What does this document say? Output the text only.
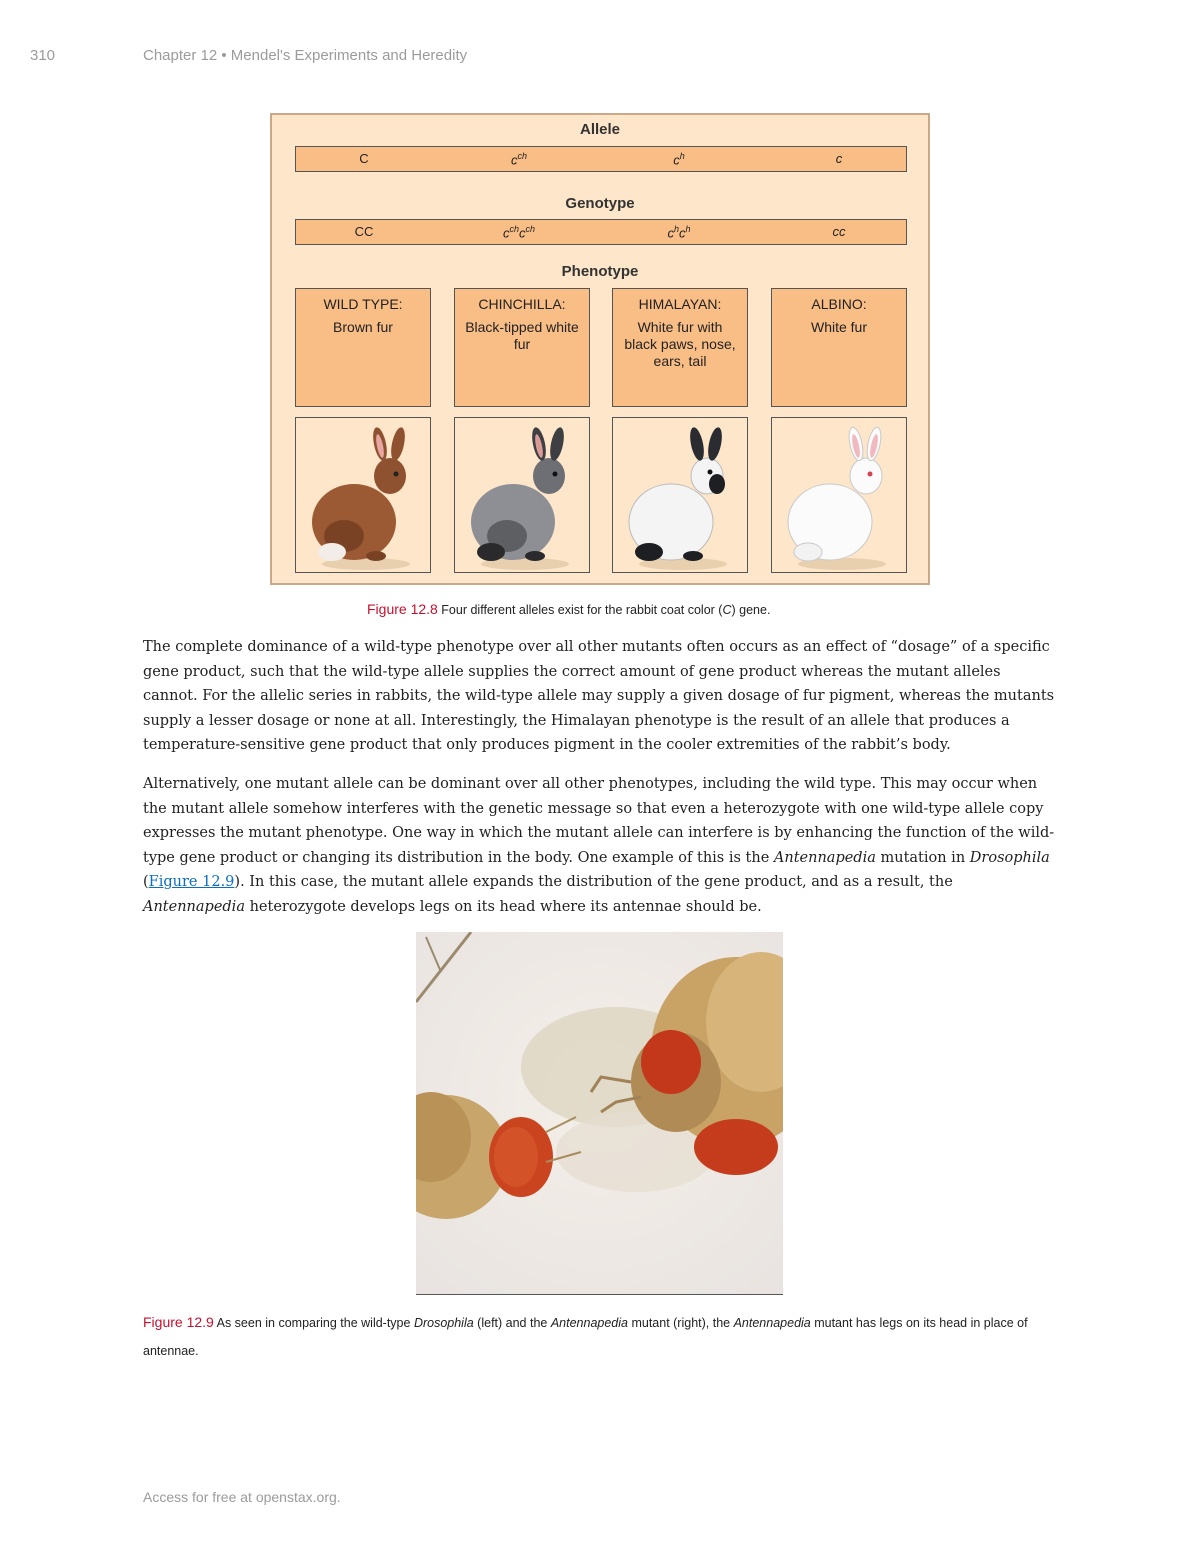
310	Chapter 12 • Mendel's Experiments and Heredity
Allele
C	$c^{ch}$	$c^h$	c
Genotype
CC	$c^{ch}c^{ch}$	$c^hc^h$	cc
Phenotype
WILD TYPE:
Brown fur
CHINCHILLA:
Black-tipped white fur
HIMALAYAN:
White fur with black paws, nose, ears, tail
ALBINO:
White fur
Figure 12.8 Four different alleles exist for the rabbit coat color (C) gene.

The complete dominance of a wild-type phenotype over all other mutants often occurs as an effect of “dosage” of a specific gene product, such that the wild-type allele supplies the correct amount of gene product whereas the mutant alleles cannot. For the allelic series in rabbits, the wild-type allele may supply a given dosage of fur pigment, whereas the mutants supply a lesser dosage or none at all. Interestingly, the Himalayan phenotype is the result of an allele that produces a temperature-sensitive gene product that only produces pigment in the cooler extremities of the rabbit’s body.

Alternatively, one mutant allele can be dominant over all other phenotypes, including the wild type. This may occur when the mutant allele somehow interferes with the genetic message so that even a heterozygote with one wild-type allele copy expresses the mutant phenotype. One way in which the mutant allele can interfere is by enhancing the function of the wild-type gene product or changing its distribution in the body. One example of this is the Antennapedia mutation in Drosophila (Figure 12.9). In this case, the mutant allele expands the distribution of the gene product, and as a result, the Antennapedia heterozygote develops legs on its head where its antennae should be.

Figure 12.9 As seen in comparing the wild-type Drosophila (left) and the Antennapedia mutant (right), the Antennapedia mutant has legs on its head in place of antennae.
Access for free at openstax.org.
